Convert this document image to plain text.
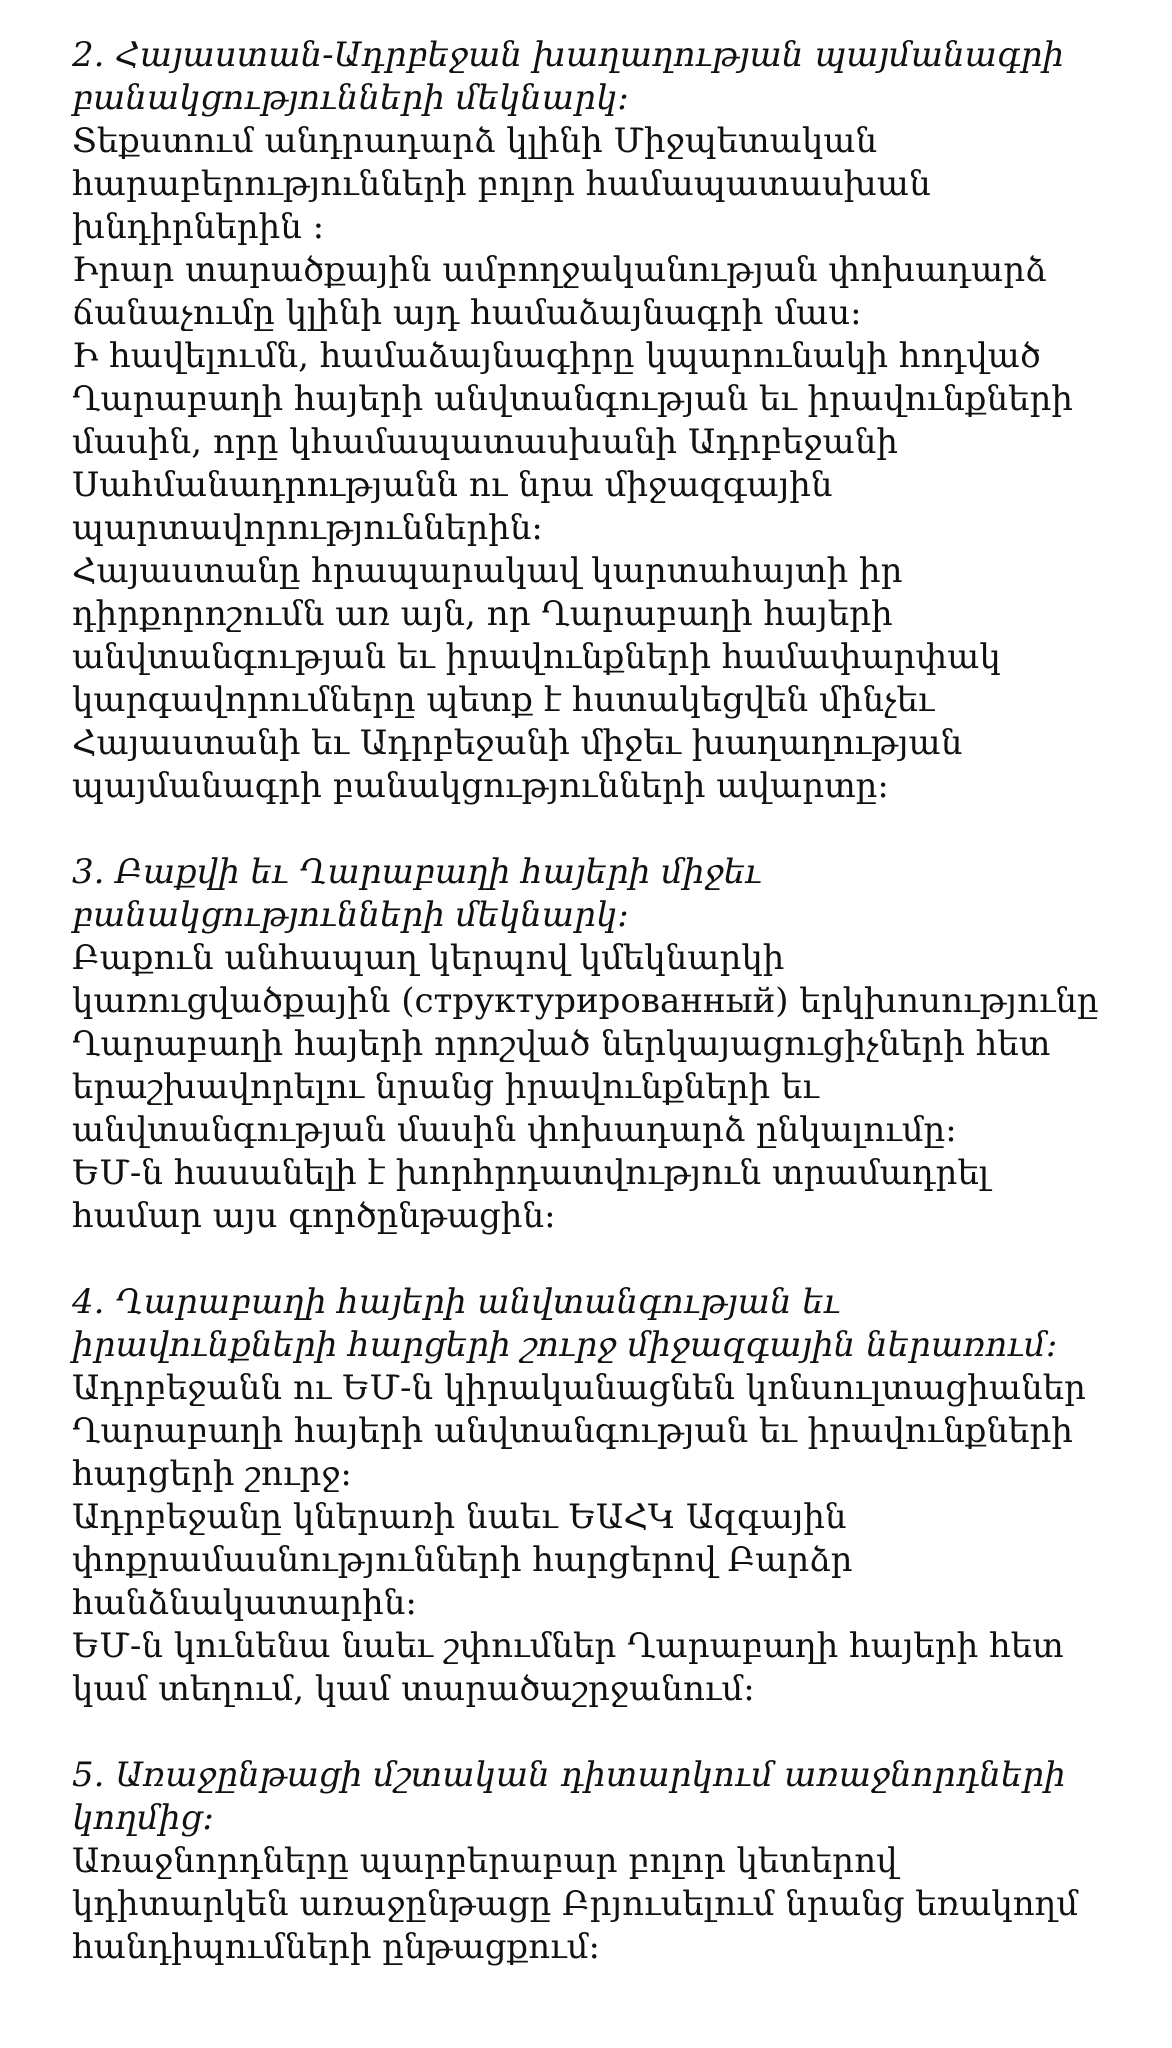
2. Հայաստան-Ադրբեջան խաղաղության պայմանագրի
բանակցությունների մեկնարկ։

Տեքստում անդրադարձ կլինի Միջպետական
հարաբերությունների բոլոր համապատասխան
խնդիրներին ։

Իրար տարածքային ամբողջականության փոխադարձ
ճանաչումը կլինի այդ համաձայնագրի մաս։

Ի հավելումն, համաձայնագիրը կպարունակի հոդված
Ղարաբաղի հայերի անվտանգության եւ իրավունքների
մասին, որը կհամապատասխանի Ադրբեջանի
Սահմանադրությանն ու նրա միջազգային
պարտավորություններին։

Հայաստանը հրապարակավ կարտահայտի իր
դիրքորոշումն առ այն, որ Ղարաբաղի հայերի
անվտանգության եւ իրավունքների համափարփակ
կարգավորումները պետք է հստակեցվեն մինչեւ
Հայաստանի եւ Ադրբեջանի միջեւ խաղաղության
պայմանագրի բանակցությունների ավարտը։

3. Բաքվի եւ Ղարաբաղի հայերի միջեւ
բանակցությունների մեկնարկ։

Բաքուն անհապաղ կերպով կմեկնարկի
կառուցվածքային (структурированный) երկխոսությունը
Ղարաբաղի հայերի որոշված ներկայացուցիչների հետ
երաշխավորելու նրանց իրավունքների եւ
անվտանգության մասին փոխադարձ ընկալումը։

ԵՄ-ն հասանելի է խորհրդատվություն տրամադրել
համար այս գործընթացին։

4. Ղարաբաղի հայերի անվտանգության եւ
իրավունքների հարցերի շուրջ միջազգային ներառում։

Ադրբեջանն ու ԵՄ-ն կիրականացնեն կոնսուլտացիաներ
Ղարաբաղի հայերի անվտանգության եւ իրավունքների
հարցերի շուրջ։

Ադրբեջանը կներառի նաեւ ԵԱՀԿ Ազգային
փոքրամասնությունների հարցերով Բարձր
հանձնակատարին։

ԵՄ-ն կունենա նաեւ շփումներ Ղարաբաղի հայերի հետ
կամ տեղում, կամ տարածաշրջանում։

5. Առաջընթացի մշտական դիտարկում առաջնորդների
կողմից։

Առաջնորդները պարբերաբար բոլոր կետերով
կդիտարկեն առաջընթացը Բրյուսելում նրանց եռակողմ
հանդիպումների ընթացքում։
